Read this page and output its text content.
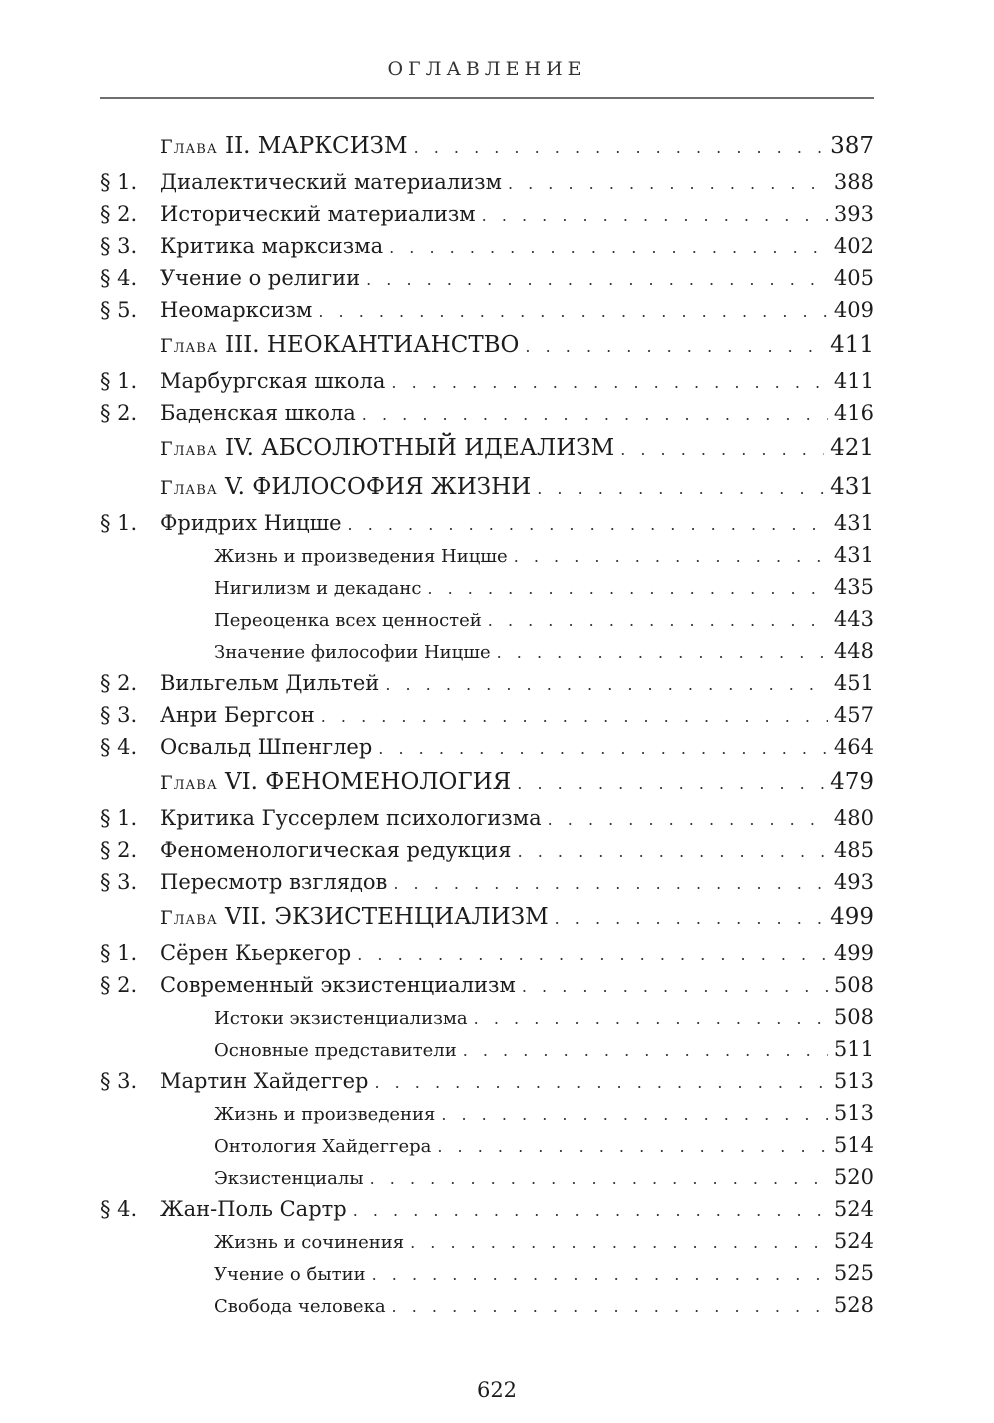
ОГЛАВЛЕНИЕ
Глава II. МАРКСИЗМ . . .	387
§ 1.	Диалектический материализм . . .	388
§ 2.	Исторический материализм . . .	393
§ 3.	Критика марксизма . . .	402
§ 4.	Учение о религии . . .	405
§ 5.	Неомарксизм . . .	409
Глава III. НЕОКАНТИАНСТВО . . .	411
§ 1.	Марбургская школа . . .	411
§ 2.	Баденская школа . . .	416
Глава IV. АБСОЛЮТНЫЙ ИДЕАЛИЗМ . . .	421
Глава V. ФИЛОСОФИЯ ЖИЗНИ . . .	431
§ 1.	Фридрих Ницше . . .	431
Жизнь и произведения Ницше . . .	431
Нигилизм и декаданс . . .	435
Переоценка всех ценностей . . .	443
Значение философии Ницше . . .	448
§ 2.	Вильгельм Дильтей . . .	451
§ 3.	Анри Бергсон . . .	457
§ 4.	Освальд Шпенглер . . .	464
Глава VI. ФЕНОМЕНОЛОГИЯ . . .	479
§ 1.	Критика Гуссерлем психологизма . . .	480
§ 2.	Феноменологическая редукция . . .	485
§ 3.	Пересмотр взглядов . . .	493
Глава VII. ЭКЗИСТЕНЦИАЛИЗМ . . .	499
§ 1.	Сёрен Кьеркегор . . .	499
§ 2.	Современный экзистенциализм . . .	508
Истоки экзистенциализма . . .	508
Основные представители . . .	511
§ 3.	Мартин Хайдеггер . . .	513
Жизнь и произведения . . .	513
Онтология Хайдеггера . . .	514
Экзистенциалы . . .	520
§ 4.	Жан-Поль Сартр . . .	524
Жизнь и сочинения . . .	524
Учение о бытии . . .	525
Свобода человека . . .	528
622
